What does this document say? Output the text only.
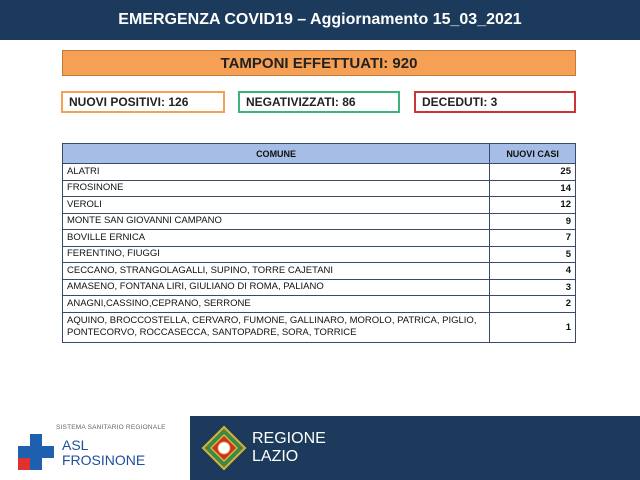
EMERGENZA COVID19 – Aggiornamento 15_03_2021
TAMPONI EFFETTUATI: 920
NUOVI POSITIVI: 126	NEGATIVIZZATI: 86	DECEDUTI: 3
COMUNE	NUOVI CASI
ALATRI	25
FROSINONE	14
VEROLI	12
MONTE SAN GIOVANNI CAMPANO	9
BOVILLE ERNICA	7
FERENTINO, FIUGGI	5
CECCANO, STRANGOLAGALLI, SUPINO, TORRE CAJETANI	4
AMASENO, FONTANA LIRI, GIULIANO DI ROMA, PALIANO	3
ANAGNI,CASSINO,CEPRANO, SERRONE	2
AQUINO, BROCCOSTELLA, CERVARO, FUMONE, GALLINARO, MOROLO, PATRICA, PIGLIO, PONTECORVO, ROCCASECCA, SANTOPADRE, SORA, TORRICE	1
SISTEMA SANITARIO REGIONALE
ASL
FROSINONE
REGIONE
LAZIO
